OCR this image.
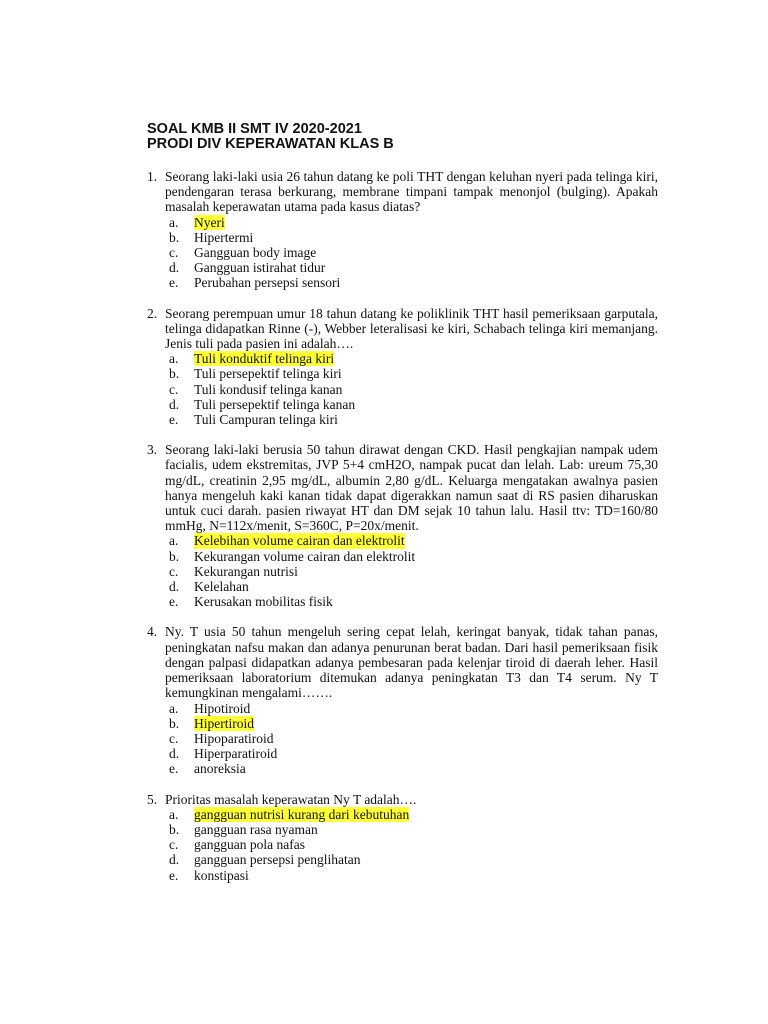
SOAL KMB II SMT IV 2020-2021
PRODI DIV KEPERAWATAN KLAS B
1. Seorang laki-laki usia 26 tahun datang ke poli THT dengan keluhan nyeri pada telinga kiri, pendengaran terasa berkurang, membrane timpani tampak menonjol (bulging). Apakah masalah keperawatan utama pada kasus diatas?
a.	Nyeri
b.	Hipertermi
c.	Gangguan body image
d.	Gangguan istirahat tidur
e.	Perubahan persepsi sensori
2. Seorang perempuan umur 18 tahun datang ke poliklinik THT hasil pemeriksaan garputala, telinga didapatkan Rinne (-), Webber leteralisasi ke kiri, Schabach telinga kiri memanjang. Jenis tuli pada pasien ini adalah….
a.	Tuli konduktif telinga kiri
b.	Tuli persepektif telinga kiri
c.	Tuli kondusif telinga kanan
d.	Tuli persepektif telinga kanan
e.	Tuli Campuran telinga kiri
3. Seorang laki-laki berusia 50 tahun dirawat dengan CKD. Hasil pengkajian nampak udem facialis, udem ekstremitas, JVP 5+4 cmH2O, nampak pucat dan lelah. Lab: ureum 75,30 mg/dL, creatinin 2,95 mg/dL, albumin 2,80 g/dL. Keluarga mengatakan awalnya pasien hanya mengeluh kaki kanan tidak dapat digerakkan namun saat di RS pasien diharuskan untuk cuci darah. pasien riwayat HT dan DM sejak 10 tahun lalu. Hasil ttv: TD=160/80 mmHg, N=112x/menit, S=360C, P=20x/menit.
a.	Kelebihan volume cairan dan elektrolit
b.	Kekurangan volume cairan dan elektrolit
c.	Kekurangan nutrisi
d.	Kelelahan
e.	Kerusakan mobilitas fisik
4. Ny. T usia 50 tahun mengeluh sering cepat lelah, keringat banyak, tidak tahan panas, peningkatan nafsu makan dan adanya penurunan berat badan. Dari hasil pemeriksaan fisik dengan palpasi didapatkan adanya pembesaran pada kelenjar tiroid di daerah leher. Hasil pemeriksaan laboratorium ditemukan adanya peningkatan T3 dan T4 serum. Ny T kemungkinan mengalami…….
a.	Hipotiroid
b.	Hipertiroid
c.	Hipoparatiroid
d.	Hiperparatiroid
e.	anoreksia
5. Prioritas masalah keperawatan Ny T adalah….
a.	gangguan nutrisi kurang dari kebutuhan
b.	gangguan rasa nyaman
c.	gangguan pola nafas
d.	gangguan persepsi penglihatan
e.	konstipasi
